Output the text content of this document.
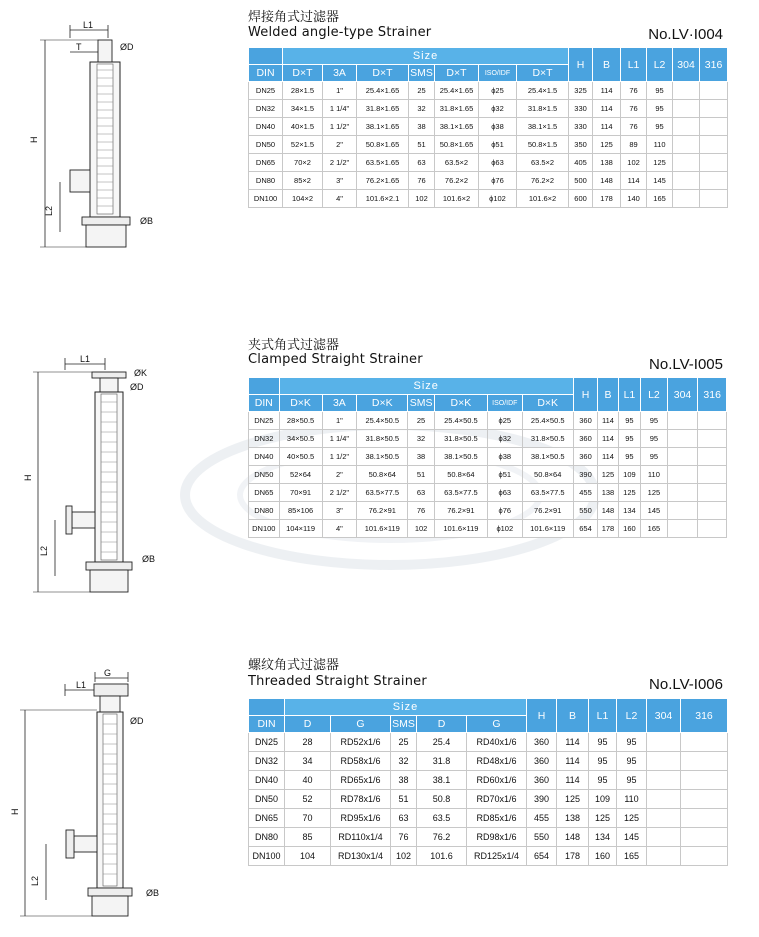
L1
T	ØD
ØB
H
L2
焊接角式过滤器
Welded angle-type Strainer	No.LV·I004
	Size							H	B	L1	L2	304	316
DIN	D×T	3A	D×T	SMS	D×T	ISO/IDF	D×T						
DN25	28×1.5	1"	25.4×1.65	25	25.4×1.65	ϕ25	25.4×1.5	325	114	76	95		
DN32	34×1.5	1 1/4"	31.8×1.65	32	31.8×1.65	ϕ32	31.8×1.5	330	114	76	95		
DN40	40×1.5	1 1/2"	38.1×1.65	38	38.1×1.65	ϕ38	38.1×1.5	330	114	76	95		
DN50	52×1.5	2"	50.8×1.65	51	50.8×1.65	ϕ51	50.8×1.5	350	125	89	110		
DN65	70×2	2 1/2"	63.5×1.65	63	63.5×2	ϕ63	63.5×2	405	138	102	125		
DN80	85×2	3"	76.2×1.65	76	76.2×2	ϕ76	76.2×2	500	148	114	145		
DN100	104×2	4"	101.6×2.1	102	101.6×2	ϕ102	101.6×2	600	178	140	165		
L1
ØK
ØD
ØB
H
L2
夹式角式过滤器
Clamped Straight Strainer	No.LV-I005
	Size							H	B	L1	L2	304	316
DIN	D×K	3A	D×K	SMS	D×K	ISO/IDF	D×K						
DN25	28×50.5	1"	25.4×50.5	25	25.4×50.5	ϕ25	25.4×50.5	360	114	95	95		
DN32	34×50.5	1 1/4"	31.8×50.5	32	31.8×50.5	ϕ32	31.8×50.5	360	114	95	95		
DN40	40×50.5	1 1/2"	38.1×50.5	38	38.1×50.5	ϕ38	38.1×50.5	360	114	95	95		
DN50	52×64	2"	50.8×64	51	50.8×64	ϕ51	50.8×64	390	125	109	110		
DN65	70×91	2 1/2"	63.5×77.5	63	63.5×77.5	ϕ63	63.5×77.5	455	138	125	125		
DN80	85×106	3"	76.2×91	76	76.2×91	ϕ76	76.2×91	550	148	134	145		
DN100	104×119	4"	101.6×119	102	101.6×119	ϕ102	101.6×119	654	178	160	165		
G
L1
ØD
ØB
H
L2
螺纹角式过滤器
Threaded Straight Strainer	No.LV-I006
	Size					H	B	L1	L2	304	316
DIN	D	G	SMS	D	G						
DN25	28	RD52x1/6	25	25.4	RD40x1/6	360	114	95	95		
DN32	34	RD58x1/6	32	31.8	RD48x1/6	360	114	95	95		
DN40	40	RD65x1/6	38	38.1	RD60x1/6	360	114	95	95		
DN50	52	RD78x1/6	51	50.8	RD70x1/6	390	125	109	110		
DN65	70	RD95x1/6	63	63.5	RD85x1/6	455	138	125	125		
DN80	85	RD110x1/4	76	76.2	RD98x1/6	550	148	134	145		
DN100	104	RD130x1/4	102	101.6	RD125x1/4	654	178	160	165		
